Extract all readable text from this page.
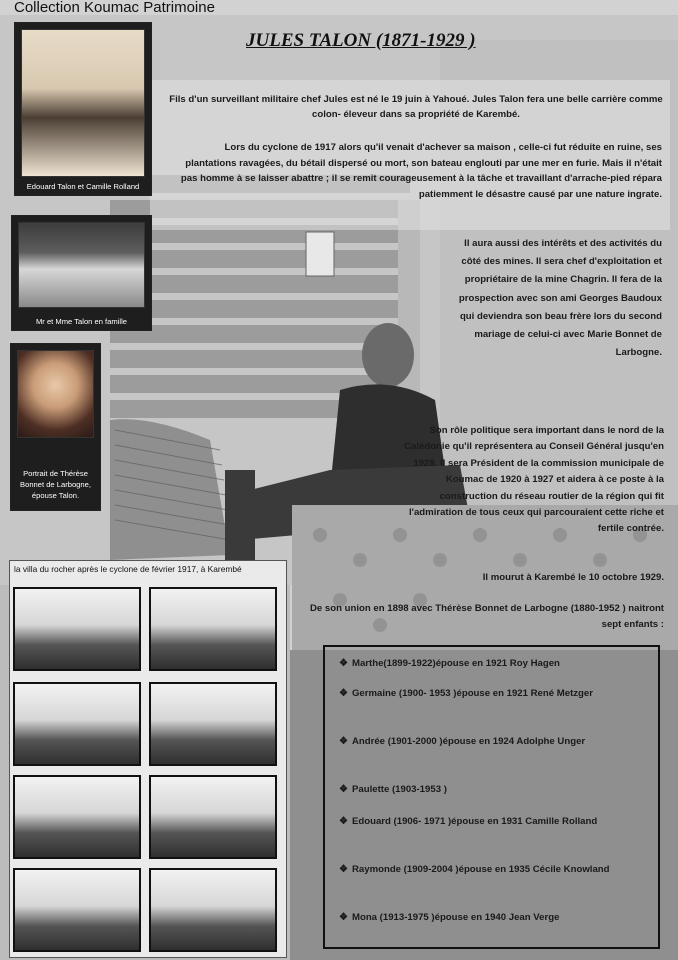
Collection Koumac Patrimoine
JULES TALON (1871-1929 )
Edouard Talon et Camille Rolland
Mr et Mme Talon en famille
Portrait de Thérèse Bonnet de Larbogne, épouse Talon.

Fils d'un surveillant militaire chef Jules est né le 19 juin à Yahoué. Jules Talon fera une belle carrière comme colon- éleveur dans sa propriété de Karembé.

Lors du cyclone de 1917 alors qu'il venait d'achever sa maison , celle-ci fut réduite en ruine, ses plantations ravagées, du bétail dispersé ou mort, son bateau englouti par une mer en furie. Mais il n'était pas homme à se laisser abattre ; il se remit courageusement à la tâche et travaillant d'arrache-pied répara patiemment le désastre causé par une nature ingrate.

Il aura aussi des intérêts et des activités du côté des mines. Il sera chef d'exploitation et propriétaire de la mine Chagrin. Il fera de la prospection avec son ami Georges Baudoux qui deviendra son beau frère lors du second mariage de celui-ci avec Marie Bonnet de Larbogne.

Son rôle politique sera important dans le nord de la Calédonie qu'il représentera au Conseil Général jusqu'en 1928. Il sera Président de la commission municipale de Koumac de 1920 à 1927 et aidera à ce poste à la construction du réseau routier de la région qui fit l'admiration de tous ceux qui parcouraient cette riche et fertile contrée.

Il mourut à Karembé le 10 octobre 1929.

De son union en 1898 avec Thérèse Bonnet de Larbogne (1880-1952 ) naitront sept enfants :

la villa du rocher après le cyclone de février 1917, à Karembé
❖ Marthe(1899-1922)épouse en 1921 Roy Hagen
❖ Germaine (1900- 1953 )épouse en 1921 René Metzger
❖ Andrée (1901-2000 )épouse en 1924 Adolphe Unger
❖ Paulette (1903-1953 )
❖ Edouard (1906- 1971 )épouse en 1931 Camille Rolland
❖ Raymonde (1909-2004 )épouse en 1935 Cécile Knowland
❖ Mona (1913-1975 )épouse en 1940 Jean Verge
